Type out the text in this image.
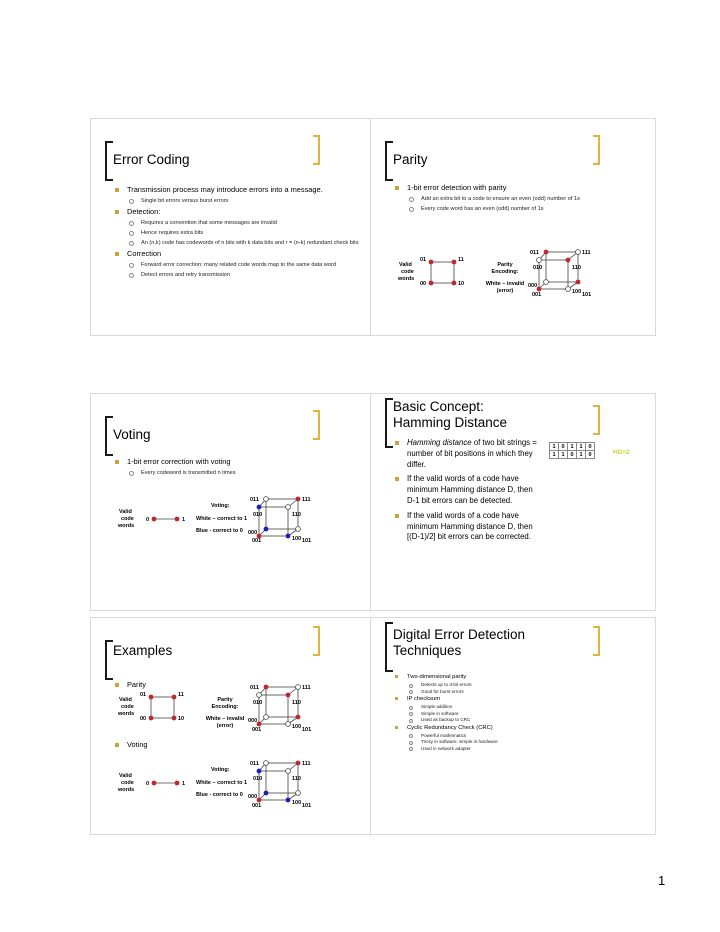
Error Coding
Transmission process may introduce errors into a message.
Single bit errors versus burst errors
Detection:
Requires a convention that some messages are invalid
Hence requires extra bits
An (n,k) code has codewords of n bits with k data bits and r = (n-k) redundant check bits
Correction
Forward error correction: many related code words map to the same data word
Detect errors and retry transmission
Parity
1-bit error detection with parity
Add an extra bit to a code to ensure an even (odd) number of 1s
Every code word has an even (odd) number of 1s
Valid
code
words
01	11
00	10
Parity
Encoding:
White – invalid
(error)
011	111
010	110
000
100
001	101
Voting
1-bit error correction with voting
Every codeword is transmitted n times
Valid
code
words
0	1
Voting:
White – correct to 1
Blue - correct to 0
011	111
010	110
000
100
001	101
Basic Concept:
Hamming Distance
Hamming distance of two bit strings = number of bit positions in which they differ.
If the valid words of a code have minimum Hamming distance D, then D-1 bit errors can be detected.
If the valid words of a code have minimum Hamming distance D, then [(D-1)/2] bit errors can be corrected.
1	0	1	1	0
1	1	0	1	0	HD=2
Examples
Parity
Voting
Valid
code
words
01	11
00	10
Parity
Encoding:
White – invalid
(error)
011	111
010	110
000
100
001	101
Valid
code
words
0	1
Voting:
White – correct to 1
Blue - correct to 0
011	111
010	110
000
100
001	101
Digital Error Detection
Techniques
Two-dimensional parity
Detects up to 3-bit errors
Good for burst errors
IP checksum
Simple addition
Simple in software
Used as backup to CRC
Cyclic Redundancy Check (CRC)
Powerful mathematics
Tricky in software, simple in hardware
Used in network adapter
1
